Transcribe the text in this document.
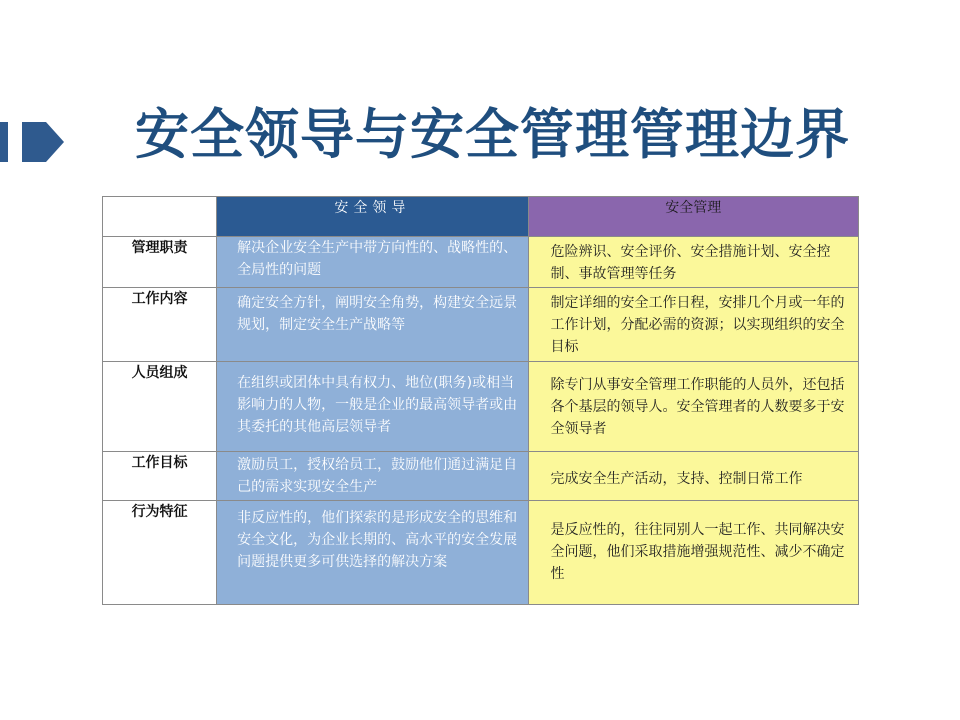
安全领导与安全管理管理边界
	安全领导	安全管理
管理职责	解决企业安全生产中带方向性的、战略性的、全局性的问题	危险辨识、安全评价、安全措施计划、安全控制、事故管理等任务

工作内容	确定安全方针，阐明安全角势，构建安全远景规划，制定安全生产战略等	制定详细的安全工作日程，安排几个月或一年的工作计划，分配必需的资源；以实现组织的安全目标

人员组成	在组织或团体中具有权力、地位(职务)或相当影响力的人物，一般是企业的最高领导者或由其委托的其他高层领导者	除专门从事安全管理工作职能的人员外，还包括各个基层的领导人。安全管理者的人数要多于安全领导者

工作目标	激励员工，授权给员工，鼓励他们通过满足自己的需求实现安全生产	完成安全生产活动，支持、控制日常工作

行为特征	非反应性的，他们探索的是形成安全的思维和安全文化，为企业长期的、高水平的安全发展问题提供更多可供选择的解决方案	是反应性的，往往同别人一起工作、共同解决安全问题，他们采取措施增强规范性、减少不确定性
